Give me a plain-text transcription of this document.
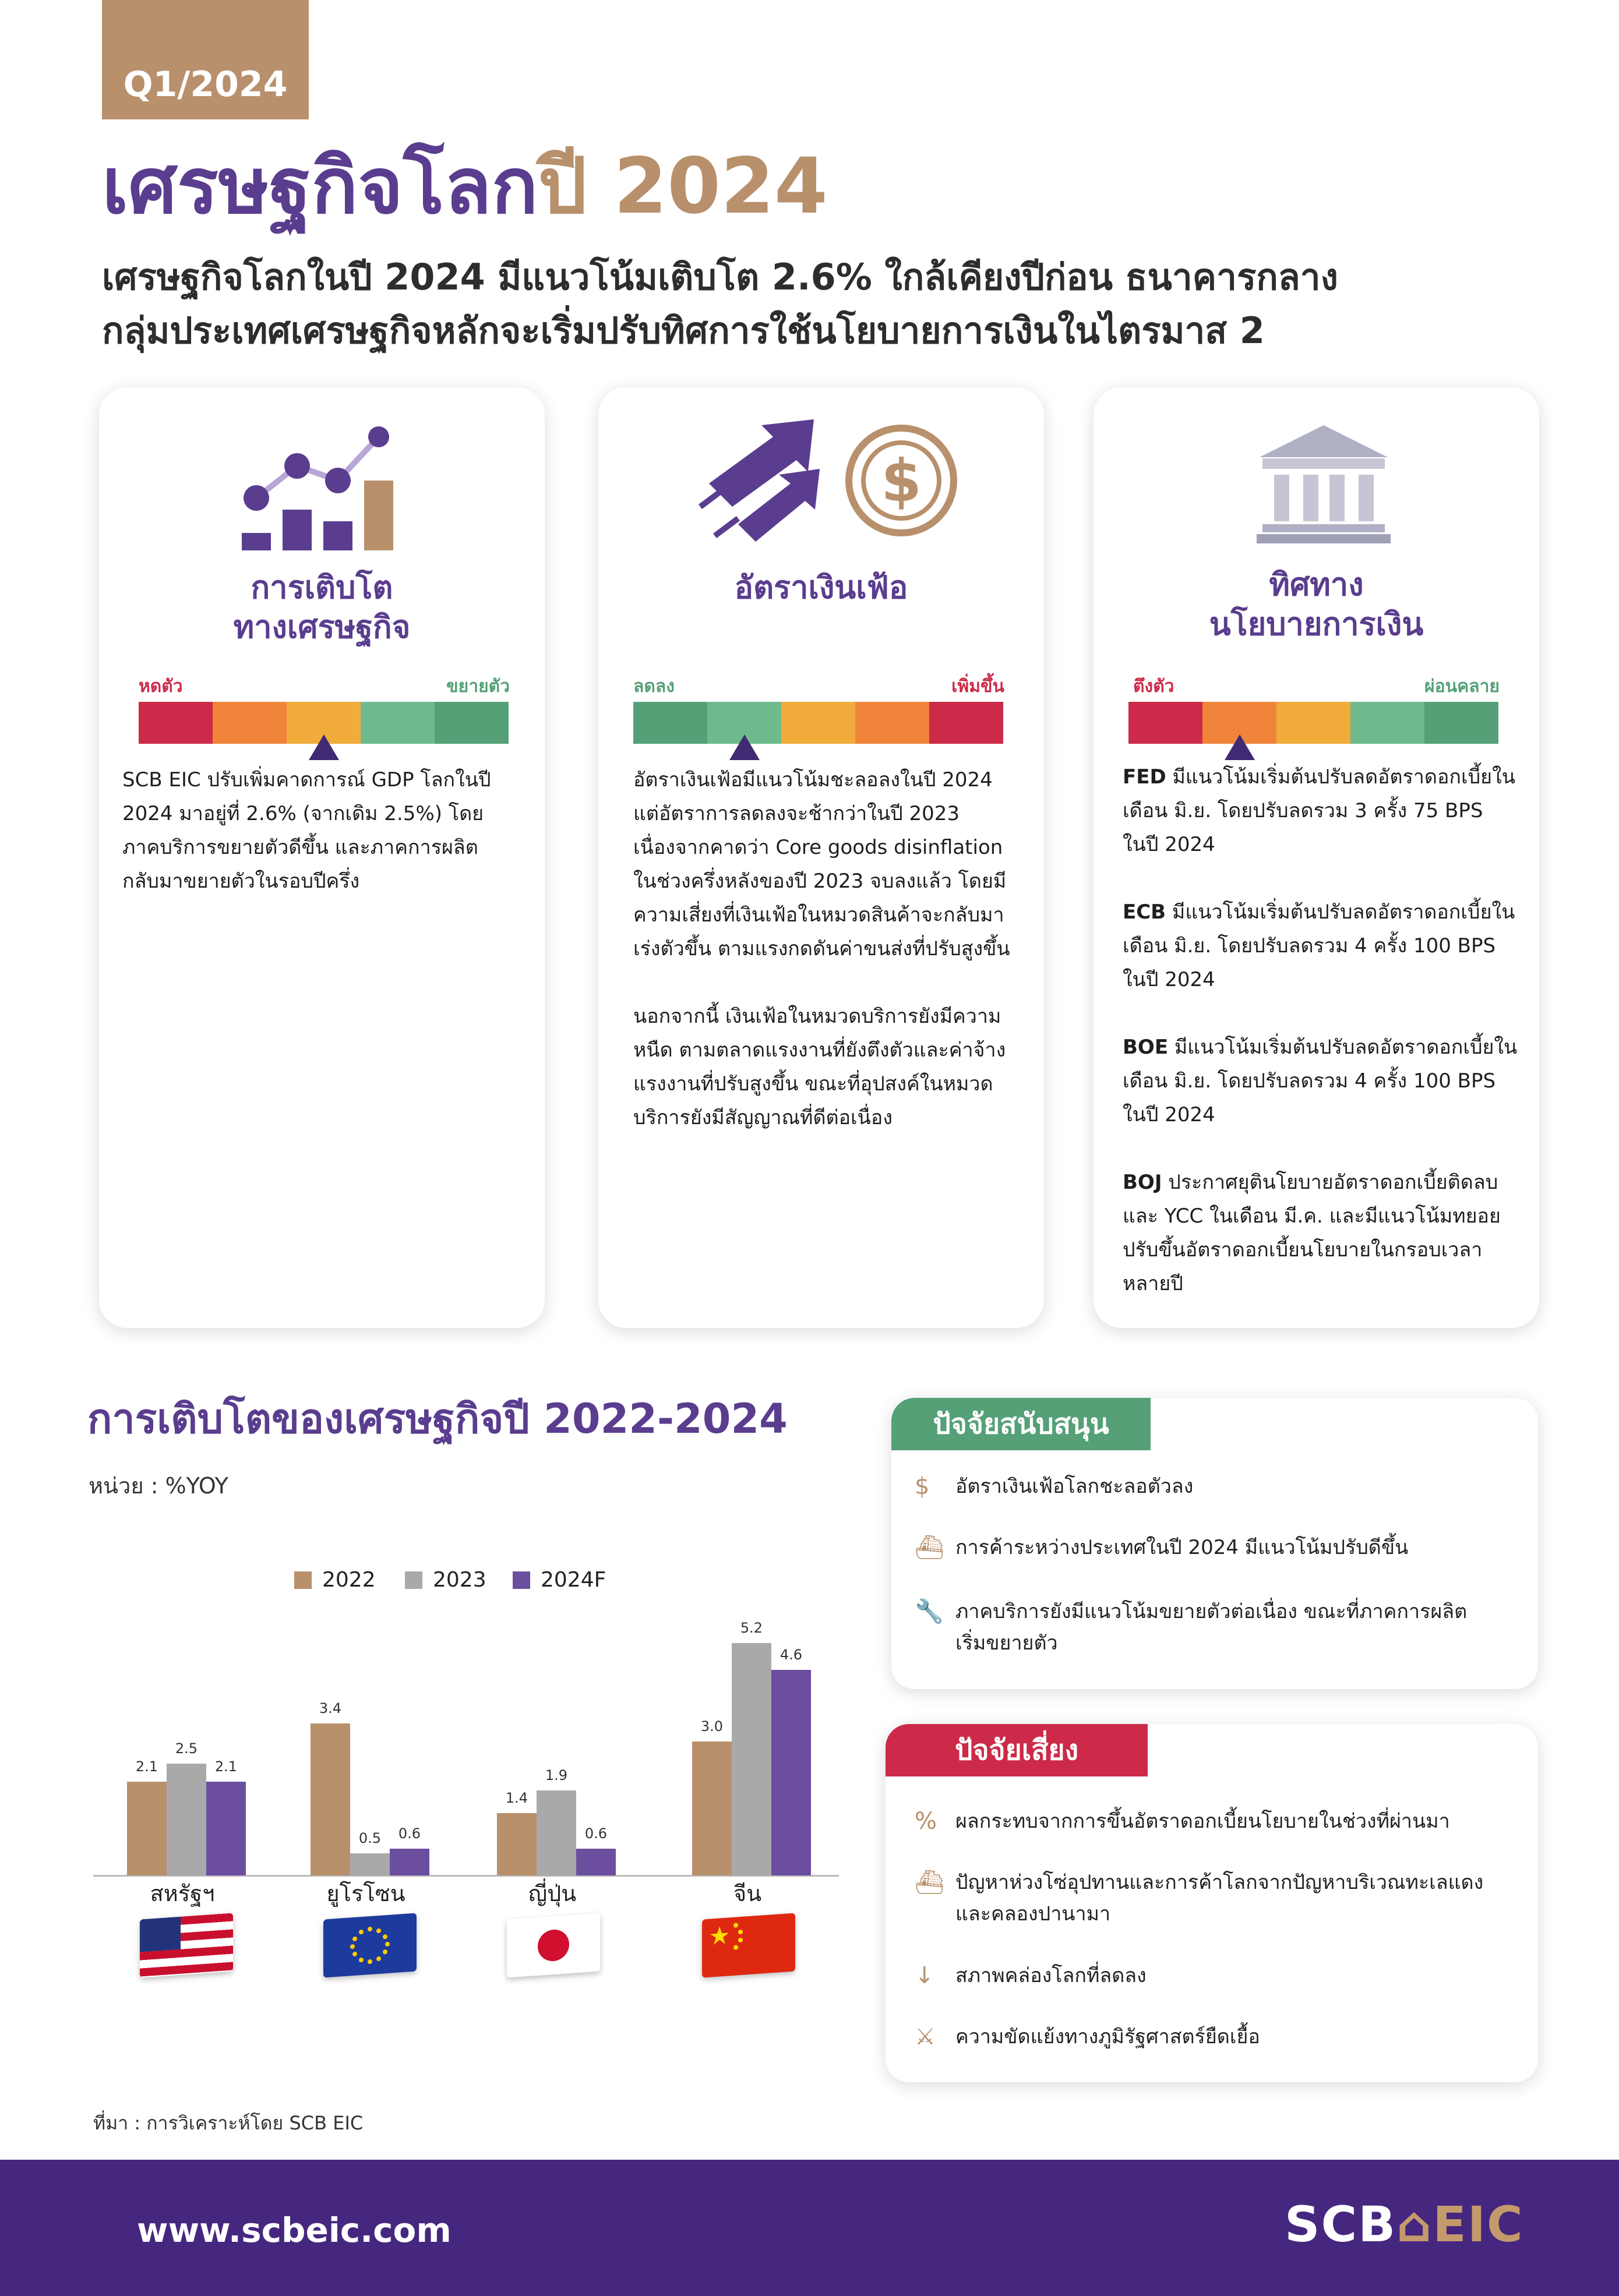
Q1/2024
เศรษฐกิจโลกปี 2024
เศรษฐกิจโลกในปี 2024 มีแนวโน้มเติบโต 2.6% ใกล้เคียงปีก่อน ธนาคารกลาง
กลุ่มประเทศเศรษฐกิจหลักจะเริ่มปรับทิศการใช้นโยบายการเงินในไตรมาส 2
การเติบโต
ทางเศรษฐกิจ
หดตัว	ขยายตัว
SCB EIC ปรับเพิ่มคาดการณ์ GDP โลกในปี 2024 มาอยู่ที่ 2.6% (จากเดิม 2.5%) โดยภาคบริการขยายตัวดีขึ้น และภาคการผลิตกลับมาขยายตัวในรอบปีครึ่ง
$
อัตราเงินเฟ้อ
ลดลง	เพิ่มขึ้น

อัตราเงินเฟ้อมีแนวโน้มชะลอลงในปี 2024 แต่อัตราการลดลงจะช้ากว่าในปี 2023 เนื่องจากคาดว่า Core goods disinflation ในช่วงครึ่งหลังของปี 2023 จบลงแล้ว โดยมีความเสี่ยงที่เงินเฟ้อในหมวดสินค้าจะกลับมาเร่งตัวขึ้น ตามแรงกดดันค่าขนส่งที่ปรับสูงขึ้น

นอกจากนี้ เงินเฟ้อในหมวดบริการยังมีความหนืด ตามตลาดแรงงานที่ยังตึงตัวและค่าจ้างแรงงานที่ปรับสูงขึ้น ขณะที่อุปสงค์ในหมวดบริการยังมีสัญญาณที่ดีต่อเนื่อง

ทิศทาง
นโยบายการเงิน
ตึงตัว	ผ่อนคลาย

FED มีแนวโน้มเริ่มต้นปรับลดอัตราดอกเบี้ยในเดือน มิ.ย. โดยปรับลดรวม 3 ครั้ง 75 BPS ในปี 2024

ECB มีแนวโน้มเริ่มต้นปรับลดอัตราดอกเบี้ยในเดือน มิ.ย. โดยปรับลดรวม 4 ครั้ง 100 BPS ในปี 2024

BOE มีแนวโน้มเริ่มต้นปรับลดอัตราดอกเบี้ยในเดือน มิ.ย. โดยปรับลดรวม 4 ครั้ง 100 BPS ในปี 2024

BOJ ประกาศยุตินโยบายอัตราดอกเบี้ยติดลบ และ YCC ในเดือน มี.ค. และมีแนวโน้มทยอยปรับขึ้นอัตราดอกเบี้ยนโยบายในกรอบเวลาหลายปี

การเติบโตของเศรษฐกิจปี 2022-2024
หน่วย : %YOY
2022	2023	2024F
2.1
2.5
2.1
3.4
0.5	0.6
1.4
1.9
0.6
3.0
5.2
4.6
สหรัฐฯ	ยูโรโซน	ญี่ปุ่น	จีน
ที่มา : การวิเคราะห์โดย SCB EIC
ปัจจัยสนับสนุน
$	อัตราเงินเฟ้อโลกชะลอตัวลง
⛴ การค้าระหว่างประเทศในปี 2024 มีแนวโน้มปรับดีขึ้น
🔧 ภาคบริการยังมีแนวโน้มขยายตัวต่อเนื่อง ขณะที่ภาคการผลิตเริ่มขยายตัว
ปัจจัยเสี่ยง
% ผลกระทบจากการขึ้นอัตราดอกเบี้ยนโยบายในช่วงที่ผ่านมา
⛴ ปัญหาห่วงโซ่อุปทานและการค้าโลกจากปัญหาบริเวณทะเลแดงและคลองปานามา
↓	สภาพคล่องโลกที่ลดลง
⚔	ความขัดแย้งทางภูมิรัฐศาสตร์ยืดเยื้อ
www.scbeic.com	SCB⌂EIC
